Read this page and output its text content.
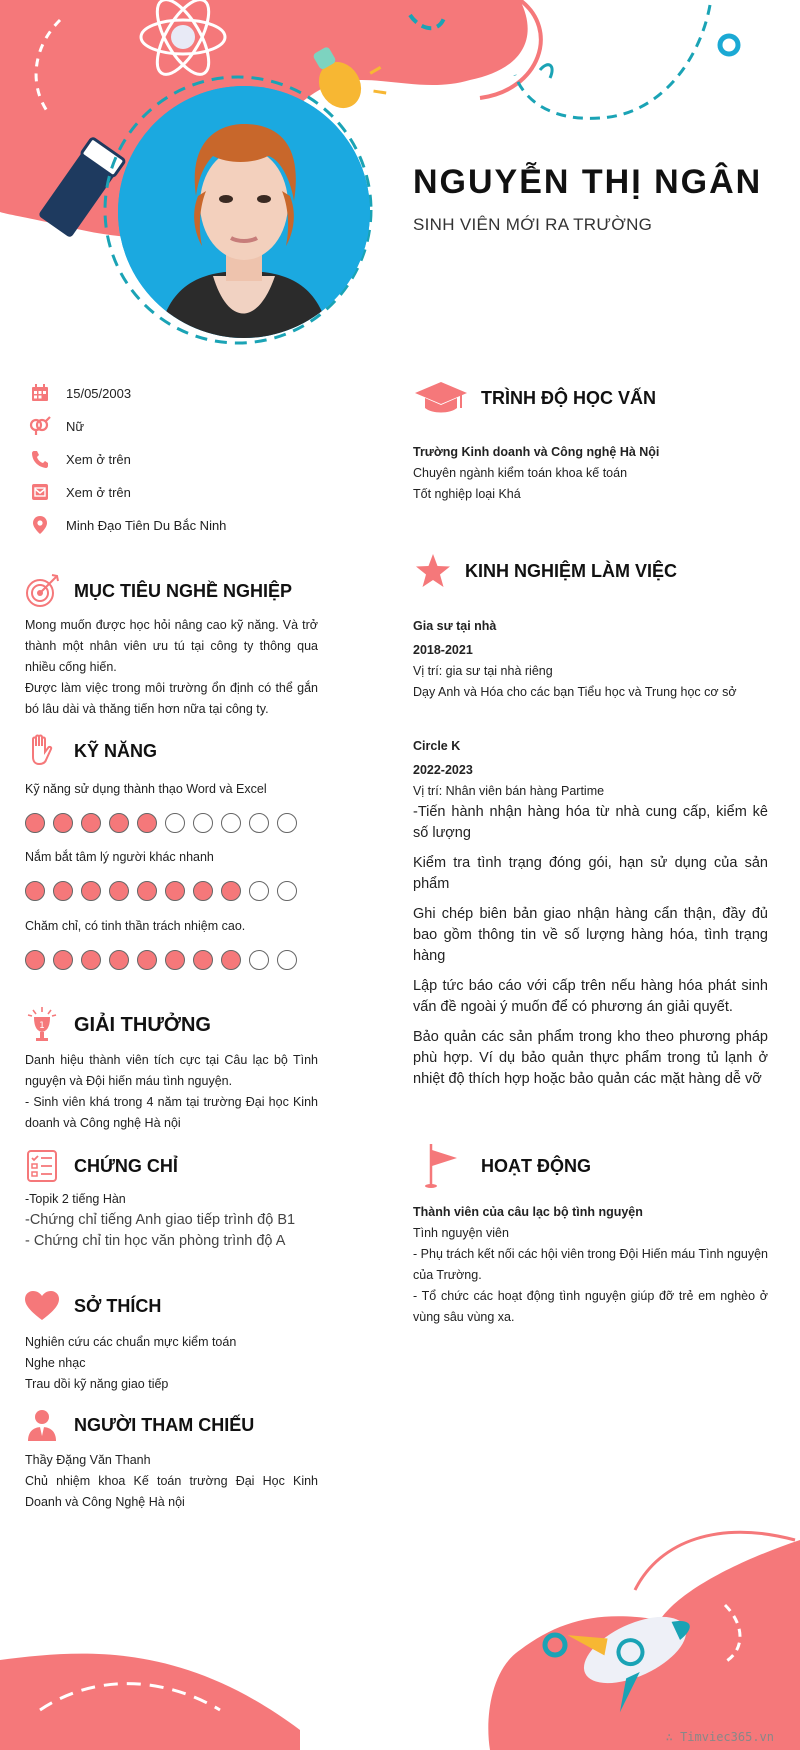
NGUYỄN THỊ NGÂN
SINH VIÊN MỚI RA TRƯỜNG
15/05/2003
Nữ
Xem ở trên
Xem ở trên
Minh Đạo Tiên Du Bắc Ninh
MỤC TIÊU NGHỀ NGHIỆP
Mong muốn được học hỏi nâng cao kỹ năng. Và trở thành một nhân viên ưu tú tại công ty thông qua nhiều cống hiến.
Được làm việc trong môi trường ổn định có thể gắn bó lâu dài và thăng tiến hơn nữa tại công ty.
KỸ NĂNG
Kỹ năng sử dụng thành thạo Word và Excel
Nắm bắt tâm lý người khác nhanh
Chăm chỉ, có tinh thần trách nhiệm cao.
1 GIẢI THƯỞNG
Danh hiệu thành viên tích cực tại Câu lạc bộ Tình nguyện và Đội hiến máu tình nguyện.
- Sinh viên khá trong 4 năm tại trường Đại học Kinh doanh và Công nghệ Hà nội
CHỨNG CHỈ
-Topik 2 tiếng Hàn
-Chứng chỉ tiếng Anh giao tiếp trình độ B1
- Chứng chỉ tin học văn phòng trình độ A
SỞ THÍCH
Nghiên cứu các chuẩn mực kiểm toán
Nghe nhạc
Trau dồi kỹ năng giao tiếp
NGƯỜI THAM CHIẾU
Thầy Đặng Văn Thanh
Chủ nhiệm khoa Kế toán trường Đại Học Kinh Doanh và Công Nghệ Hà nội
TRÌNH ĐỘ HỌC VẤN
Trường Kinh doanh và Công nghệ Hà Nội
Chuyên ngành kiểm toán khoa kế toán
Tốt nghiệp loại Khá
KINH NGHIỆM LÀM VIỆC
Gia sư tại nhà
2018-2021
Vị trí: gia sư tại nhà riêng
Dạy Anh và Hóa cho các bạn Tiểu học và Trung học cơ sở
Circle K
2022-2023
Vị trí: Nhân viên bán hàng Partime
-Tiến hành nhận hàng hóa từ nhà cung cấp, kiểm kê số lượng
Kiểm tra tình trạng đóng gói, hạn sử dụng của sản phẩm
Ghi chép biên bản giao nhận hàng cẩn thận, đầy đủ bao gồm thông tin về số lượng hàng hóa, tình trạng hàng
Lập tức báo cáo với cấp trên nếu hàng hóa phát sinh vấn đề ngoài ý muốn để có phương án giải quyết.
Bảo quản các sản phẩm trong kho theo phương pháp phù hợp. Ví dụ bảo quản thực phẩm trong tủ lạnh ở nhiệt độ thích hợp hoặc bảo quản các mặt hàng dễ vỡ
HOẠT ĐỘNG
Thành viên của câu lạc bộ tình nguyện
Tình nguyện viên
- Phụ trách kết nối các hội viên trong Đội Hiến máu Tình nguyện của Trường.
- Tổ chức các hoạt động tình nguyện giúp đỡ trẻ em nghèo ở vùng sâu vùng xa.
∴ Timviec365.vn
